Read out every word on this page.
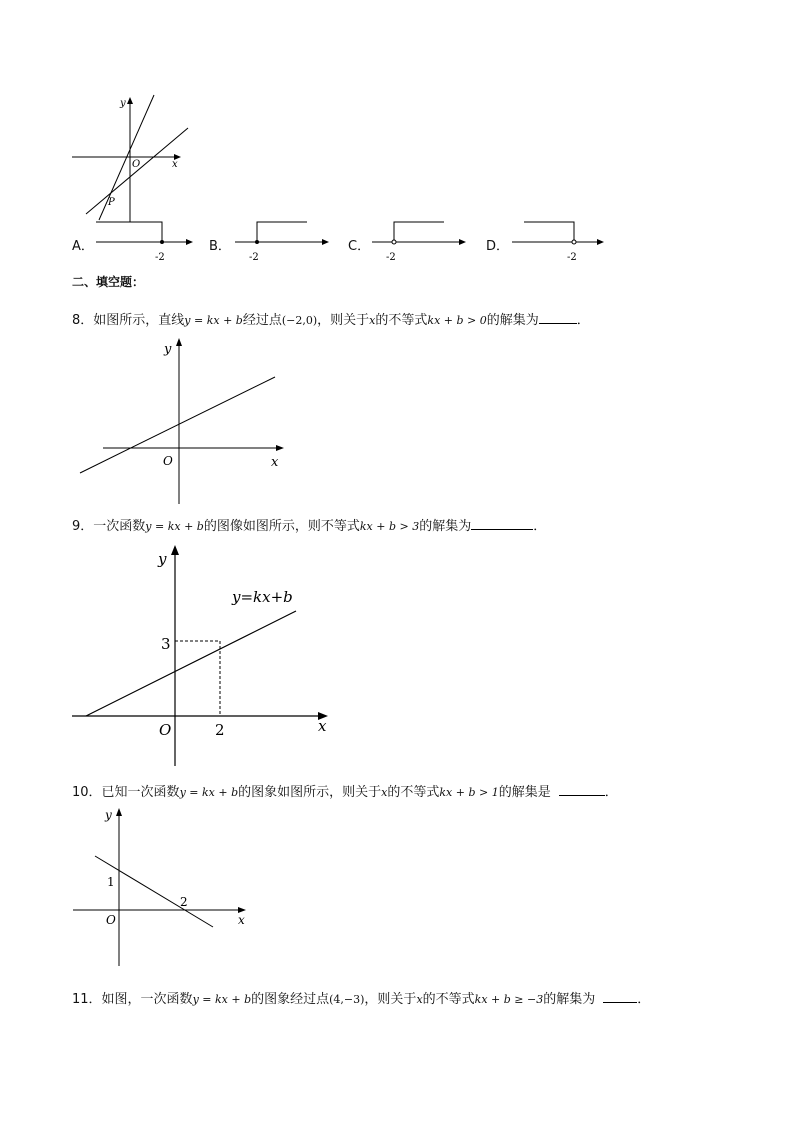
y
x
O
P
A．
-2
B．
-2
C．
-2
D．
-2
二、填空题：
8．如图所示，直线y = kx + b经过点(−2,0)，则关于x的不等式kx + b > 0的解集为	．
y
x
O
9．一次函数y = kx + b的图像如图所示，则不等式kx + b > 3的解集为	．
y
x
O
3
2
y=kx+b
10．已知一次函数y = kx + b的图象如图所示，则关于x的不等式kx + b > 1的解集是	．
y
x
O
1
2
11．如图，一次函数y = kx + b的图象经过点(4,−3)，则关于x的不等式kx + b ≥ −3的解集为	．
